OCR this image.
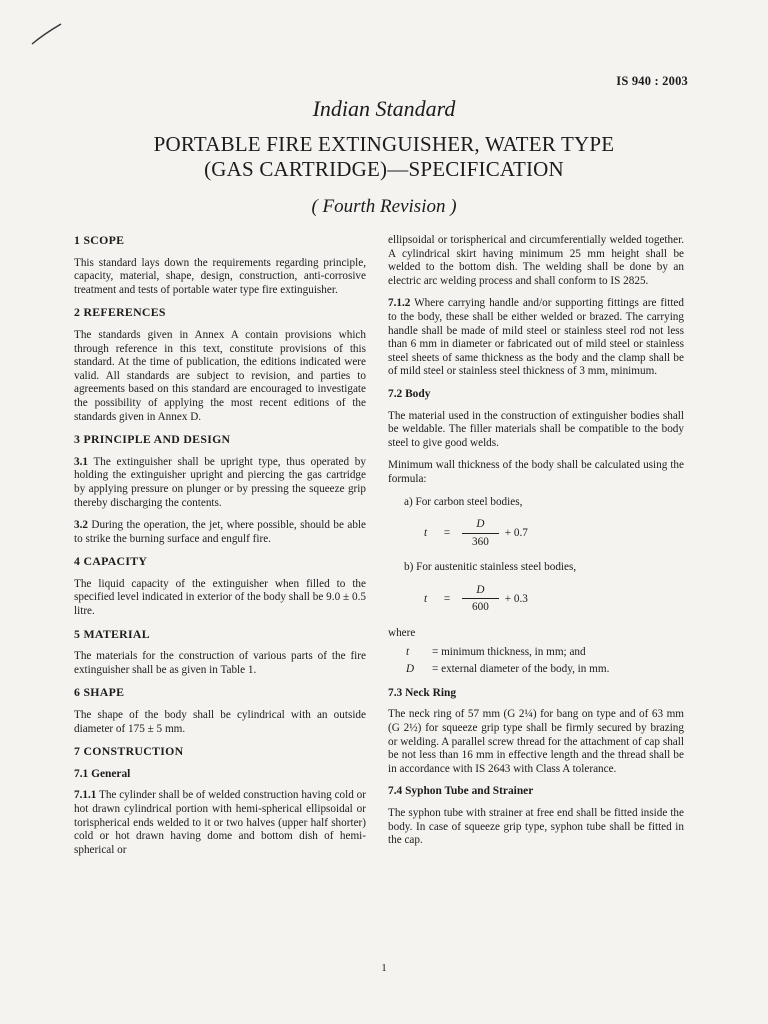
IS 940 : 2003
Indian Standard
PORTABLE FIRE EXTINGUISHER, WATER TYPE
(GAS CARTRIDGE)—SPECIFICATION
( Fourth Revision )
1 SCOPE

This standard lays down the requirements regarding principle, capacity, material, shape, design, construction, anti-corrosive treatment and tests of portable water type fire extinguisher.

2 REFERENCES

The standards given in Annex A contain provisions which through reference in this text, constitute provisions of this standard. At the time of publication, the editions indicated were valid. All standards are subject to revision, and parties to agreements based on this standard are encouraged to investigate the possibility of applying the most recent editions of the standards given in Annex D.

3 PRINCIPLE AND DESIGN

3.1 The extinguisher shall be upright type, thus operated by holding the extinguisher upright and piercing the gas cartridge by applying pressure on plunger or by pressing the squeeze grip thereby discharging the contents.

3.2 During the operation, the jet, where possible, should be able to strike the burning surface and engulf fire.

4 CAPACITY

The liquid capacity of the extinguisher when filled to the specified level indicated in exterior of the body shall be 9.0 ± 0.5 litre.

5 MATERIAL

The materials for the construction of various parts of the fire extinguisher shall be as given in Table 1.

6 SHAPE

The shape of the body shall be cylindrical with an outside diameter of 175 ± 5 mm.

7 CONSTRUCTION
7.1 General

7.1.1 The cylinder shall be of welded construction having cold or hot drawn cylindrical portion with hemi-spherical ellipsoidal or torispherical ends welded to it or two halves (upper half shorter) cold or hot drawn having dome and bottom dish of hemi-spherical or

ellipsoidal or torispherical and circumferentially welded together. A cylindrical skirt having minimum 25 mm height shall be welded to the bottom dish. The welding shall be done by an electric arc welding process and shall conform to IS 2825.

7.1.2 Where carrying handle and/or supporting fittings are fitted to the body, these shall be either welded or brazed. The carrying handle shall be made of mild steel or stainless steel rod not less than 6 mm in diameter or fabricated out of mild steel or stainless steel sheets of same thickness as the body and the clamp shall be of mild steel or stainless steel thickness of 3 mm, minimum.

7.2 Body

The material used in the construction of extinguisher bodies shall be weldable. The filler materials shall be compatible to the body steel to give good welds.

Minimum wall thickness of the body shall be calculated using the formula:

a) For carbon steel bodies,

t	=	$\frac{D}{360} + 0.7$

b) For austenitic stainless steel bodies,

t	=	$\frac{D}{600} + 0.3$

where

t	= minimum thickness, in mm; and
D	= external diameter of the body, in mm.
7.3 Neck Ring

The neck ring of 57 mm (G 2¼) for bang on type and of 63 mm (G 2½) for squeeze grip type shall be firmly secured by brazing or welding. A parallel screw thread for the attachment of cap shall be not less than 16 mm in effective length and the thread shall be in accordance with IS 2643 with Class A tolerance.

7.4 Syphon Tube and Strainer

The syphon tube with strainer at free end shall be fitted inside the body. In case of squeeze grip type, syphon tube shall be fitted in the cap.

1
